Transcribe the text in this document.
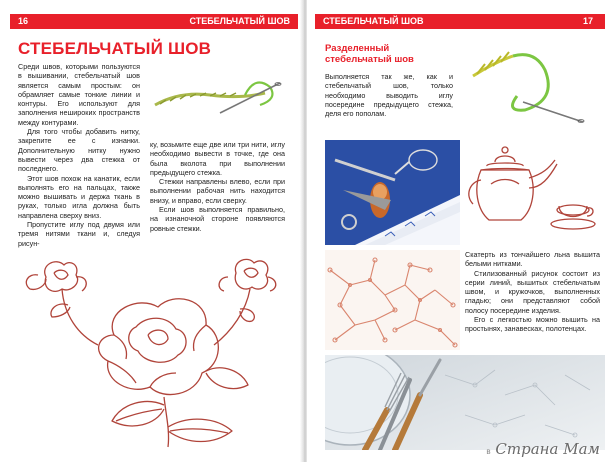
16	СТЕБЕЛЬЧАТЫЙ ШОВ
СТЕБЕЛЬЧАТЫЙ ШОВ

Среди швов, которыми пользуются в вышивании, стебельчатый шов является самым простым: он обрамляет самые тонкие линии и контуры. Его используют для заполнения нешироких пространств между контурами.

Для того чтобы добавить нитку, закрепите ее с изнанки. Дополнительную нитку нужно вывести через два стежка от последнего.

Этот шов похож на канатик, если выполнять его на пальцах, также можно вышивать и держа ткань в руках, только игла должна быть направлена сверху вниз.

Пропустите иглу под двумя или тремя нитями ткани и, следуя рисун-

ку, возьмите еще две или три нити, иглу необходимо вывести в точке, где она была вколота при выполнении предыдущего стежка.

Стежки направлены влево, если при выполнении рабочая нить находится внизу, и вправо, если сверху.

Если шов выполняется правильно, на изнаночной стороне появляются ровные стежки.

СТЕБЕЛЬЧАТЫЙ ШОВ	17
Разделенный стебельчатый шов

Выполняется так же, как и стебельчатый шов, только необходимо выводить иглу посередине предыдущего стежка, деля его пополам.

Скатерть из тончайшего льна вышита белыми нитками.

Стилизованный рисунок состоит из серии линий, вышитых стебельчатым швом, и кружочков, выполненных гладью; они представляют собой полосу посередине изделия.

Его с легкостью можно вышить на простынях, занавесках, полотенцах.

в Страна Мам
